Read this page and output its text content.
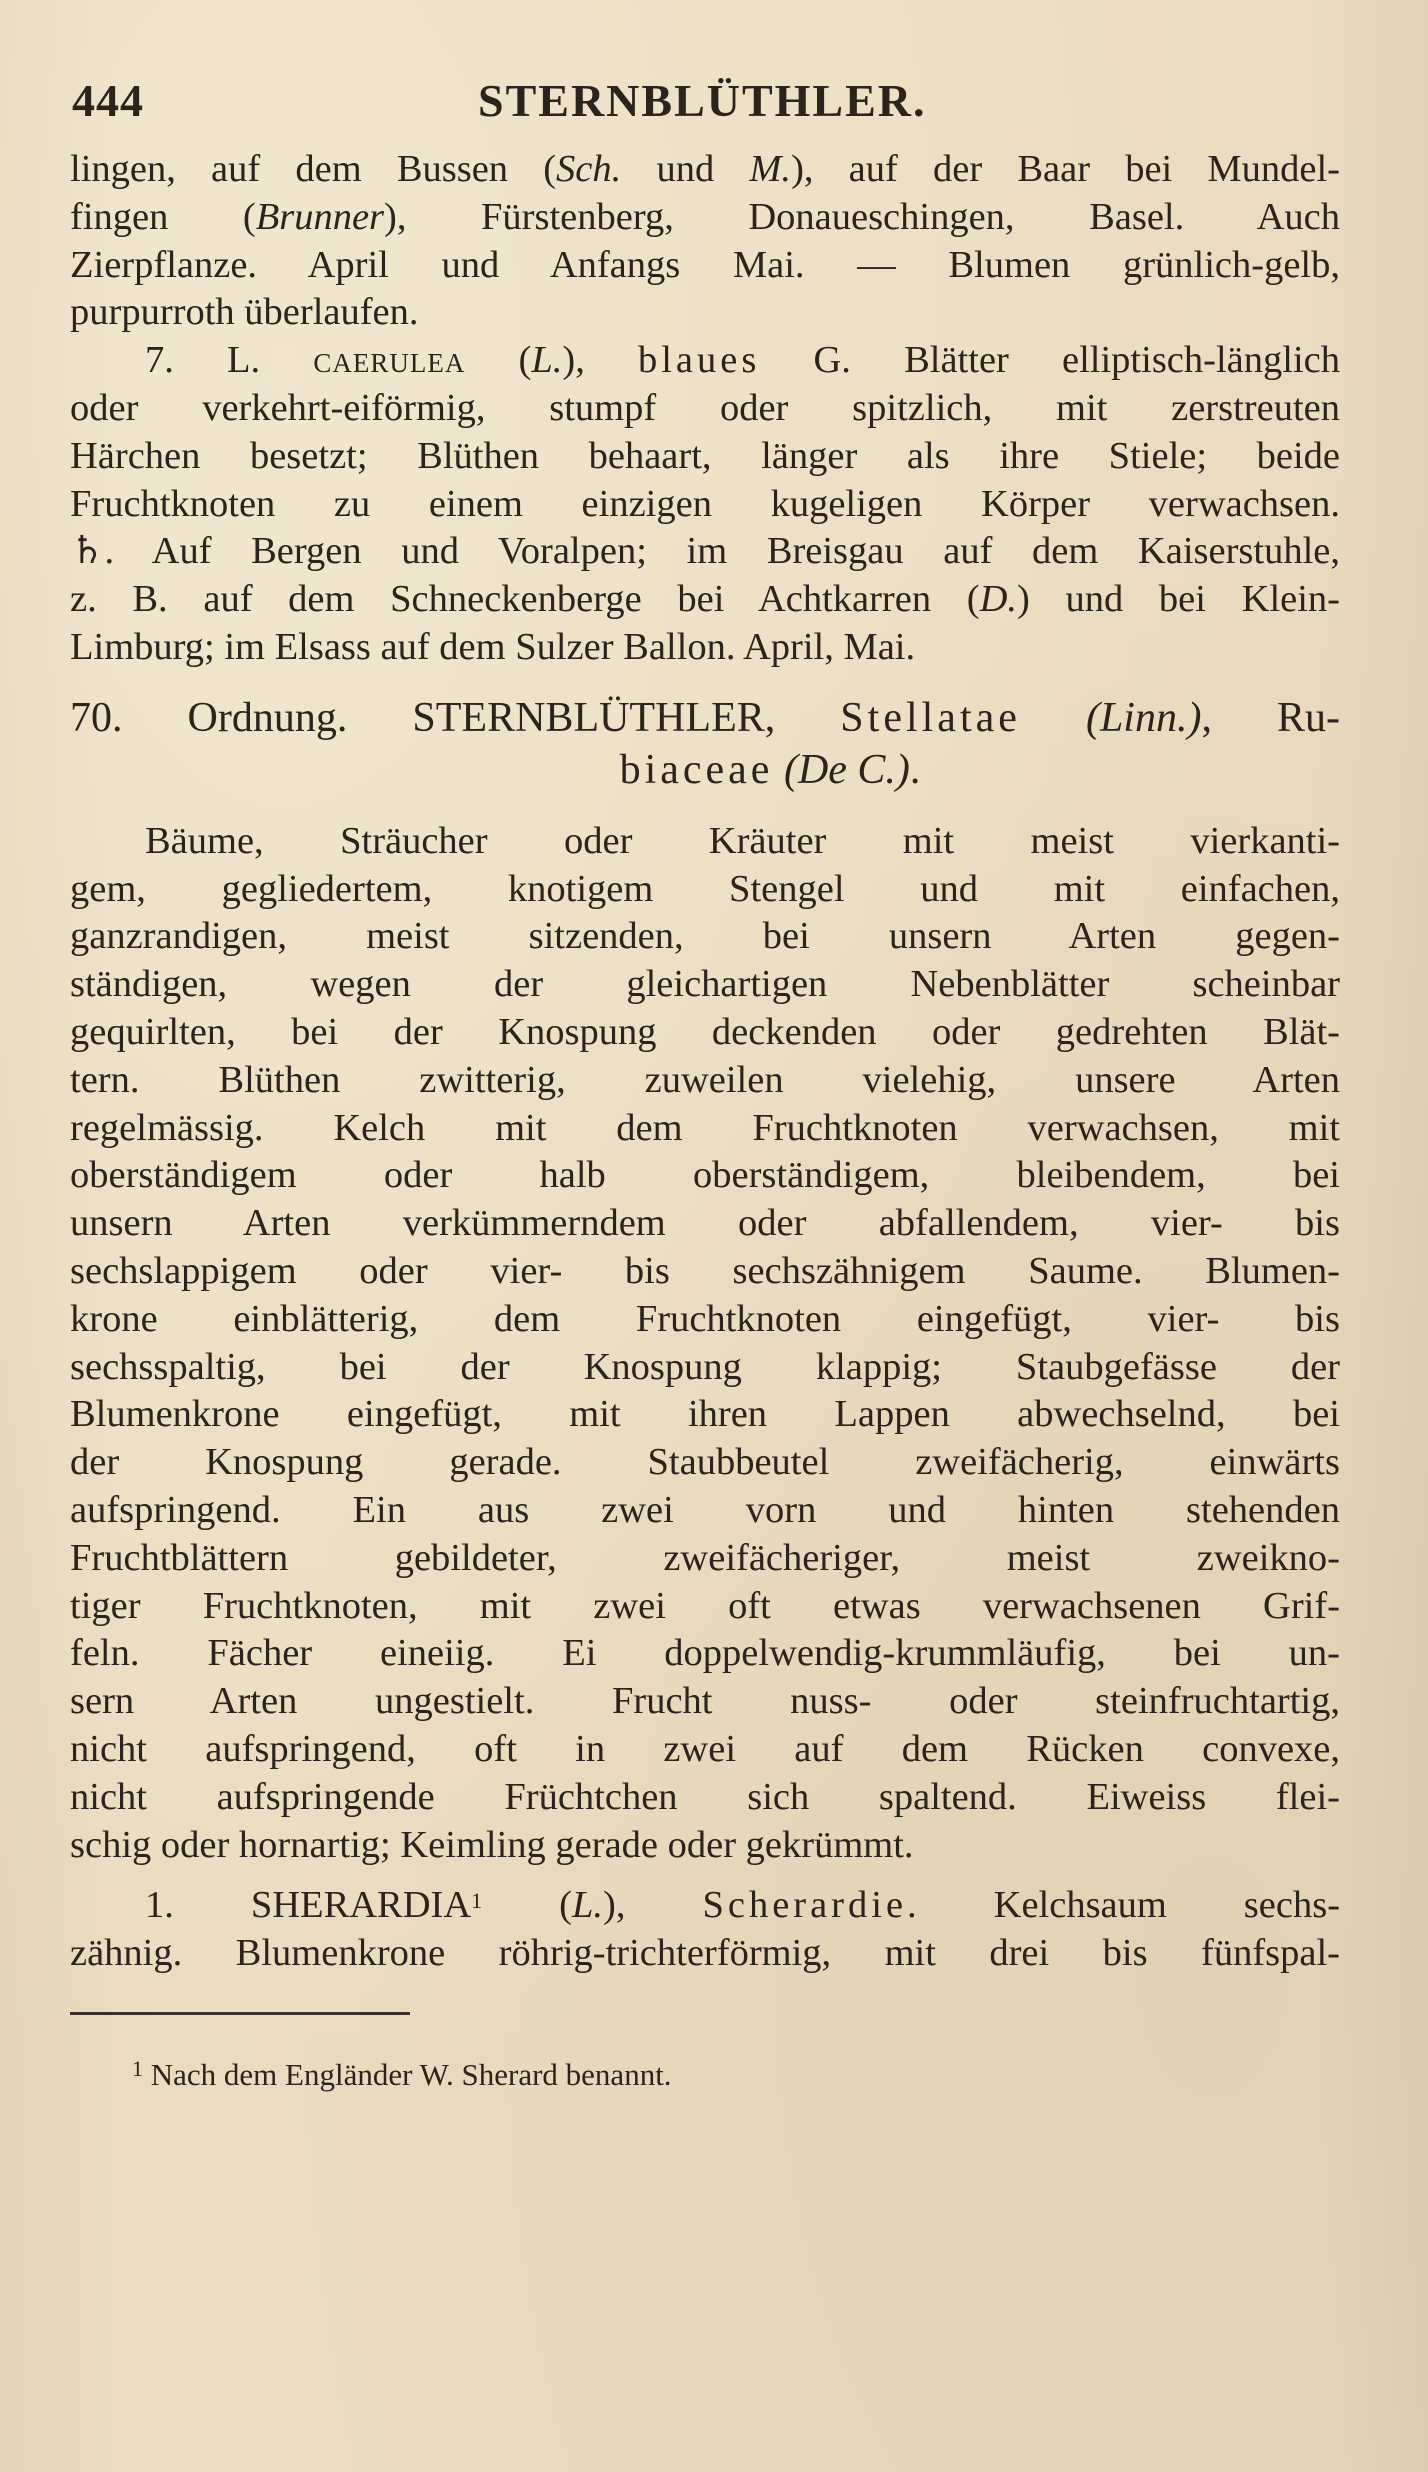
444	STERNBLÜTHLER.
lingen, auf dem Bussen (Sch. und M.), auf der Baar bei Mundel-
fingen (Brunner), Fürstenberg, Donaueschingen, Basel. Auch
Zierpflanze. April und Anfangs Mai. — Blumen grünlich-gelb,
purpurroth überlaufen.
7. L. caerulea (L.), blaues G. Blätter elliptisch-länglich
oder verkehrt-eiförmig, stumpf oder spitzlich, mit zerstreuten
Härchen besetzt; Blüthen behaart, länger als ihre Stiele; beide
Fruchtknoten zu einem einzigen kugeligen Körper verwachsen.
♄. Auf Bergen und Voralpen; im Breisgau auf dem Kaiserstuhle,
z. B. auf dem Schneckenberge bei Achtkarren (D.) und bei Klein-
Limburg; im Elsass auf dem Sulzer Ballon. April, Mai.
70. Ordnung. STERNBLÜTHLER, Stellatae (Linn.), Ru-
biaceae (De C.).
Bäume, Sträucher oder Kräuter mit meist vierkanti-
gem, gegliedertem, knotigem Stengel und mit einfachen,
ganzrandigen, meist sitzenden, bei unsern Arten gegen-
ständigen, wegen der gleichartigen Nebenblätter scheinbar
gequirlten, bei der Knospung deckenden oder gedrehten Blät-
tern. Blüthen zwitterig, zuweilen vielehig, unsere Arten
regelmässig. Kelch mit dem Fruchtknoten verwachsen, mit
oberständigem oder halb oberständigem, bleibendem, bei
unsern Arten verkümmerndem oder abfallendem, vier- bis
sechslappigem oder vier- bis sechszähnigem Saume. Blumen-
krone einblätterig, dem Fruchtknoten eingefügt, vier- bis
sechsspaltig, bei der Knospung klappig; Staubgefässe der
Blumenkrone eingefügt, mit ihren Lappen abwechselnd, bei
der Knospung gerade. Staubbeutel zweifächerig, einwärts
aufspringend. Ein aus zwei vorn und hinten stehenden
Fruchtblättern gebildeter, zweifächeriger, meist zweikno-
tiger Fruchtknoten, mit zwei oft etwas verwachsenen Grif-
feln. Fächer eineiig. Ei doppelwendig-krummläufig, bei un-
sern Arten ungestielt. Frucht nuss- oder steinfruchtartig,
nicht aufspringend, oft in zwei auf dem Rücken convexe,
nicht aufspringende Früchtchen sich spaltend. Eiweiss flei-
schig oder hornartig; Keimling gerade oder gekrümmt.
1. SHERARDIA$^1$ (L.), Scherardie. Kelchsaum sechs-
zähnig. Blumenkrone röhrig-trichterförmig, mit drei bis fünfspal-
$^1$ Nach dem Engländer W. Sherard benannt.
